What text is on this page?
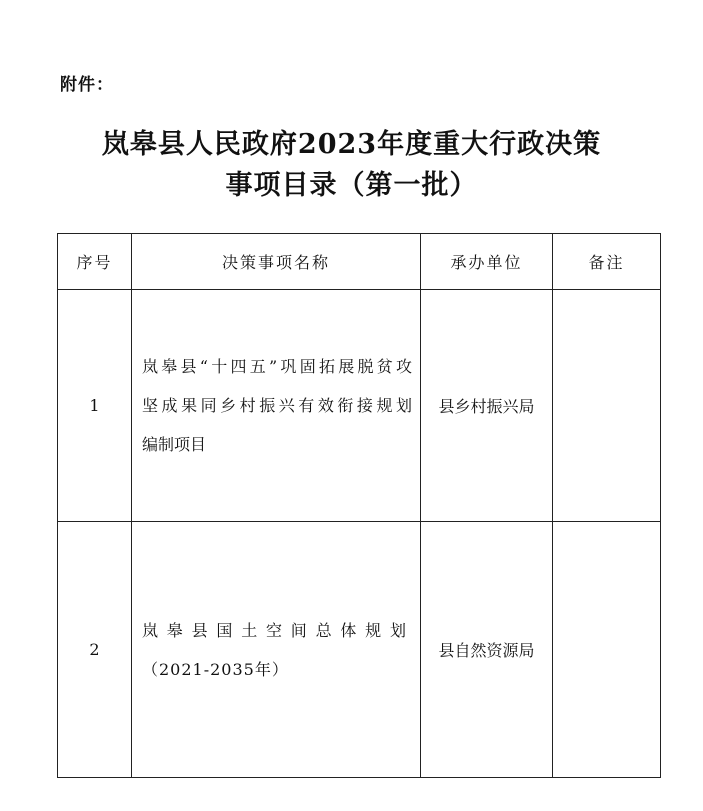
附件：
岚皋县人民政府2023年度重大行政决策
事项目录（第一批）
序号	决策事项名称	承办单位	备注
1	岚皋县“十四五”巩固拓展脱贫攻
坚成果同乡村振兴有效衔接规划
编制项目	县乡村振兴局	
2	岚皋县国土空间总体规划
（2021-2035年）	县自然资源局	
